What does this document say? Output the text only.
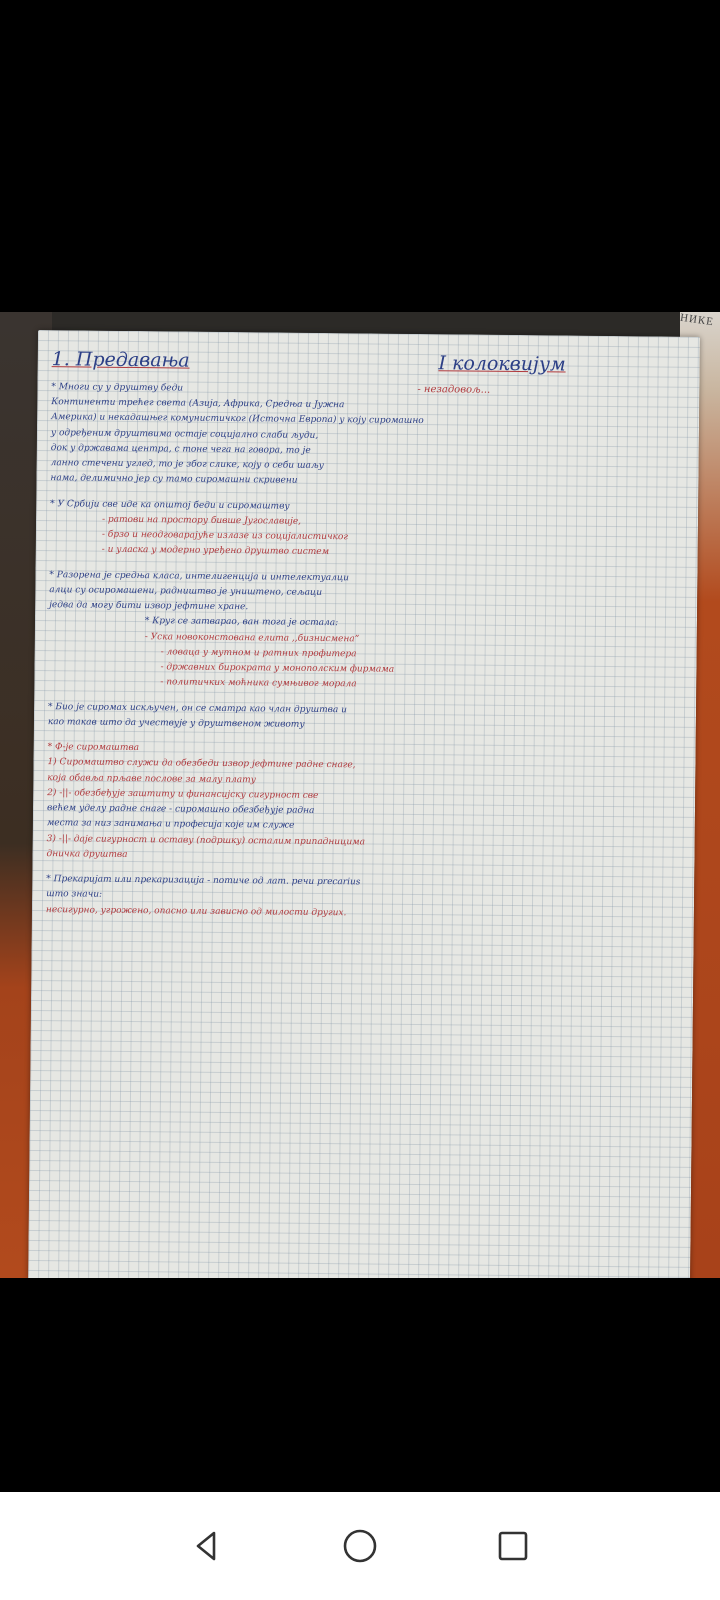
НИКЕ
1. Предавања	I колоквијум
- незадовољ...

* Многи су у друштву беди

Континенти трећег света (Азија, Африка, Средња и Јужна

Америка) и некадашњег комунистичког (Источна Европа) у коју сиромашно

у одређеним друштвима остаје социјално слаби људи,

док у државама центра, с тоне чега на говора, то је

ланно стечени углед, то је због слике, коју о себи шаљу

нама, делимично јер су тамо сиромашни скривени

* У Србији све иде ка општој беди и сиромаштву

- ратови на простору бивше Југославије,

- брзо и неодговарајуће излазе из социјалистичког

- и уласка у модерно уређено друштво систем

* Разорена је средња класа, интелигенција и интелектуалци

алци су осиромашени, радништво је уништено, сељаци

једва да могу бити извор јефтине хране.

* Круг се затварао, ван тога је остала:

- Уска новоконстована елита ,,бизнисмена”

- ловаца у мутном и ратних профитера

- државних бирократа у монополским фирмама

- политичких моћника сумњивог морала

* Био је сиромах искључен, он се сматра као члан друштва и

као такав што да учествује у друштвеном животу

* Ф-је сиромаштва

1) Сиромаштво служи да обезбеди извор јефтине радне снаге,

која обавља прљаве послове за малу плату

2) -||- обезбеђује заштиту и финансијску сигурност све

већем уделу радне снаге - сиромашно обезбеђује радна

места за низ занимања и професија које им служе

3) -||- даје сигурност и оставу (подршку) осталим припадницима

дничка друштва

* Прекаријат или прекаризација - потиче од лат. речи precarius

што значи:

несигурно, угрожено, опасно или зависно од милости других.
